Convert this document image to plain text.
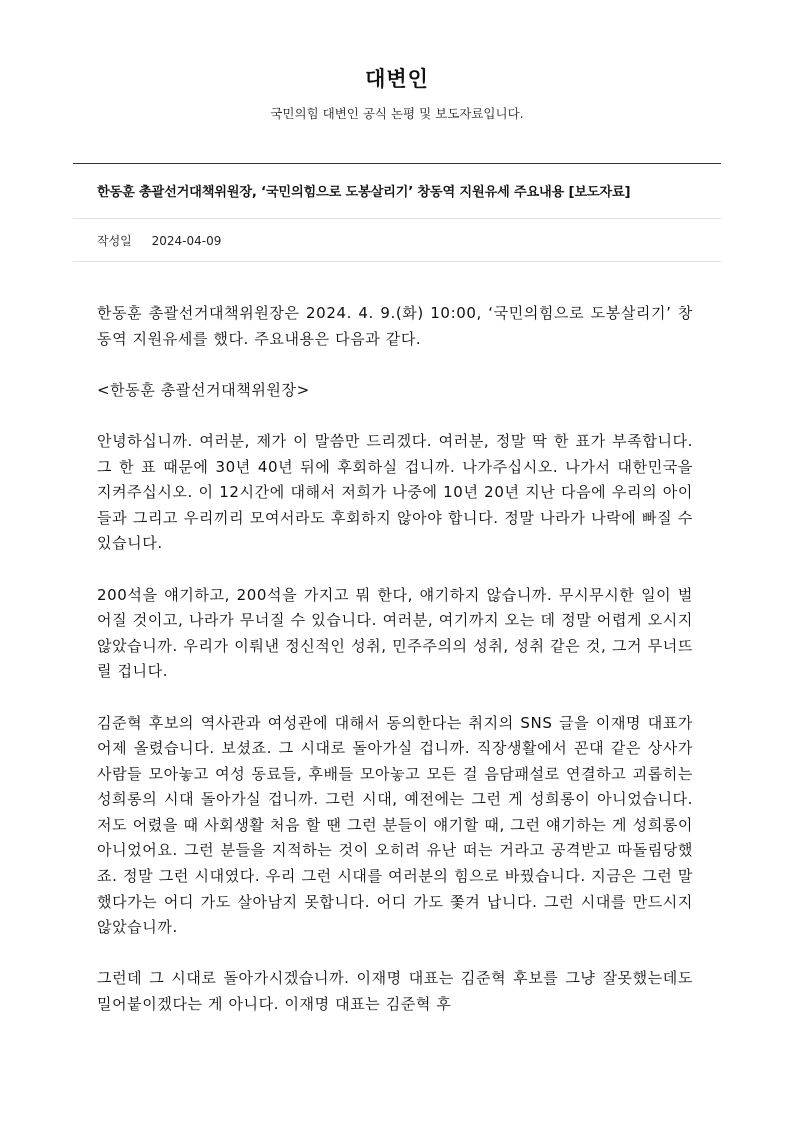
대변인
국민의힘 대변인 공식 논평 및 보도자료입니다.
한동훈 총괄선거대책위원장, ‘국민의힘으로 도봉살리기’ 창동역 지원유세 주요내용 [보도자료]
작성일 2024-04-09

한동훈 총괄선거대책위원장은 2024. 4. 9.(화) 10:00, ‘국민의힘으로 도봉살리기’ 창동역 지원유세를 했다. 주요내용은 다음과 같다.

<한동훈 총괄선거대책위원장>

안녕하십니까. 여러분, 제가 이 말씀만 드리겠다. 여러분, 정말 딱 한 표가 부족합니다. 그 한 표 때문에 30년 40년 뒤에 후회하실 겁니까. 나가주십시오. 나가서 대한민국을 지켜주십시오. 이 12시간에 대해서 저희가 나중에 10년 20년 지난 다음에 우리의 아이들과 그리고 우리끼리 모여서라도 후회하지 않아야 합니다. 정말 나라가 나락에 빠질 수 있습니다.

200석을 얘기하고, 200석을 가지고 뭐 한다, 얘기하지 않습니까. 무시무시한 일이 벌어질 것이고, 나라가 무너질 수 있습니다. 여러분, 여기까지 오는 데 정말 어렵게 오시지 않았습니까. 우리가 이뤄낸 정신적인 성취, 민주주의의 성취, 성취 같은 것, 그거 무너뜨릴 겁니다.

김준혁 후보의 역사관과 여성관에 대해서 동의한다는 취지의 SNS 글을 이재명 대표가 어제 올렸습니다. 보셨죠. 그 시대로 돌아가실 겁니까. 직장생활에서 꼰대 같은 상사가 사람들 모아놓고 여성 동료들, 후배들 모아놓고 모든 걸 음담패설로 연결하고 괴롭히는 성희롱의 시대 돌아가실 겁니까. 그런 시대, 예전에는 그런 게 성희롱이 아니었습니다. 저도 어렸을 때 사회생활 처음 할 땐 그런 분들이 얘기할 때, 그런 얘기하는 게 성희롱이 아니었어요. 그런 분들을 지적하는 것이 오히려 유난 떠는 거라고 공격받고 따돌림당했죠. 정말 그런 시대였다. 우리 그런 시대를 여러분의 힘으로 바꿨습니다. 지금은 그런 말 했다가는 어디 가도 살아남지 못합니다. 어디 가도 쫓겨 납니다. 그런 시대를 만드시지 않았습니까.

그런데 그 시대로 돌아가시겠습니까. 이재명 대표는 김준혁 후보를 그냥 잘못했는데도 밀어붙이겠다는 게 아니다. 이재명 대표는 김준혁 후
